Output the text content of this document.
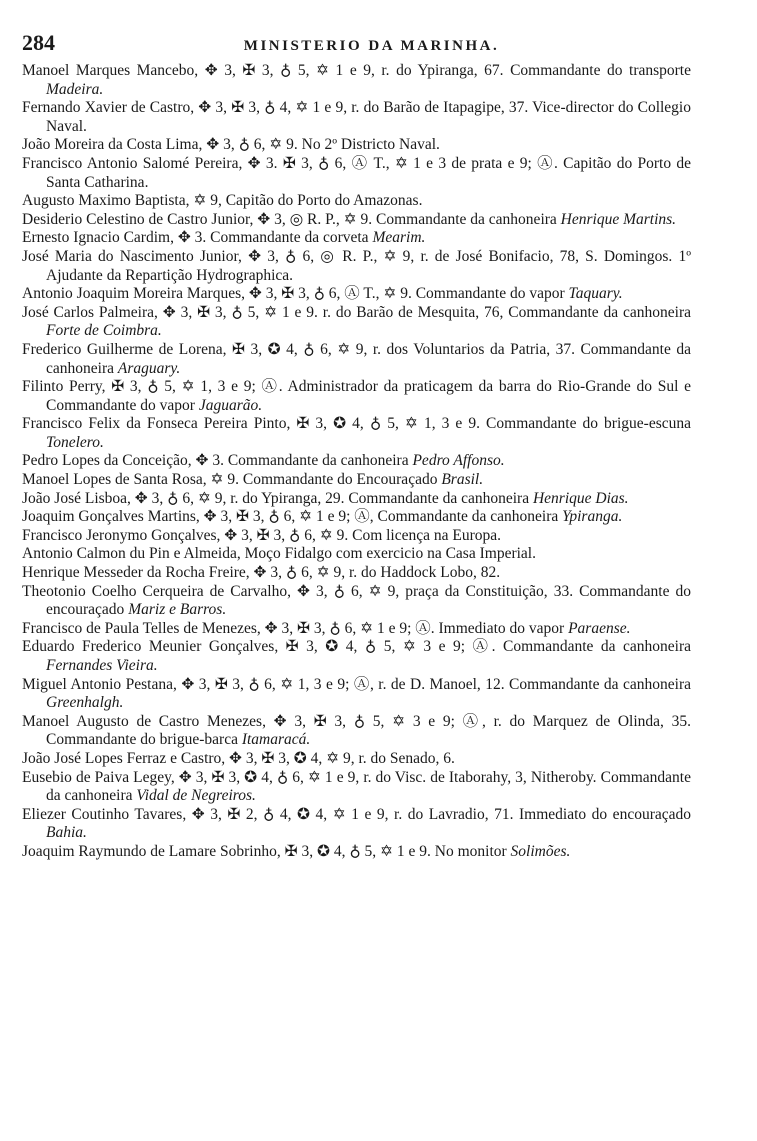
284	MINISTERIO DA MARINHA.

Manoel Marques Mancebo, ✥ 3, ✠ 3, ♁ 5, ✡ 1 e 9, r. do Ypiranga, 67. Commandante do transporte Madeira.

Fernando Xavier de Castro, ✥ 3, ✠ 3, ♁ 4, ✡ 1 e 9, r. do Barão de Itapagipe, 37. Vice-director do Collegio Naval.

João Moreira da Costa Lima, ✥ 3, ♁ 6, ✡ 9. No 2º Districto Naval.

Francisco Antonio Salomé Pereira, ✥ 3. ✠ 3, ♁ 6, Ⓐ T., ✡ 1 e 3 de prata e 9; Ⓐ. Capitão do Porto de Santa Catharina.

Augusto Maximo Baptista, ✡ 9, Capitão do Porto do Amazonas.

Desiderio Celestino de Castro Junior, ✥ 3, ◎ R. P., ✡ 9. Commandante da canhoneira Henrique Martins.

Ernesto Ignacio Cardim, ✥ 3. Commandante da corveta Mearim.

José Maria do Nascimento Junior, ✥ 3, ♁ 6, ◎ R. P., ✡ 9, r. de José Bonifacio, 78, S. Domingos. 1º Ajudante da Repartição Hydrographica.

Antonio Joaquim Moreira Marques, ✥ 3, ✠ 3, ♁ 6, Ⓐ T., ✡ 9. Commandante do vapor Taquary.

José Carlos Palmeira, ✥ 3, ✠ 3, ♁ 5, ✡ 1 e 9. r. do Barão de Mesquita, 76, Commandante da canhoneira Forte de Coimbra.

Frederico Guilherme de Lorena, ✠ 3, ✪ 4, ♁ 6, ✡ 9, r. dos Voluntarios da Patria, 37. Commandante da canhoneira Araguary.

Filinto Perry, ✠ 3, ♁ 5, ✡ 1, 3 e 9; Ⓐ. Administrador da praticagem da barra do Rio-Grande do Sul e Commandante do vapor Jaguarão.

Francisco Felix da Fonseca Pereira Pinto, ✠ 3, ✪ 4, ♁ 5, ✡ 1, 3 e 9. Commandante do brigue-escuna Tonelero.

Pedro Lopes da Conceição, ✥ 3. Commandante da canhoneira Pedro Affonso.

Manoel Lopes de Santa Rosa, ✡ 9. Commandante do Encouraçado Brasil.

João José Lisboa, ✥ 3, ♁ 6, ✡ 9, r. do Ypiranga, 29. Commandante da canhoneira Henrique Dias.

Joaquim Gonçalves Martins, ✥ 3, ✠ 3, ♁ 6, ✡ 1 e 9; Ⓐ, Commandante da canhoneira Ypiranga.

Francisco Jeronymo Gonçalves, ✥ 3, ✠ 3, ♁ 6, ✡ 9. Com licença na Europa.

Antonio Calmon du Pin e Almeida, Moço Fidalgo com exercicio na Casa Imperial.

Henrique Messeder da Rocha Freire, ✥ 3, ♁ 6, ✡ 9, r. do Haddock Lobo, 82.

Theotonio Coelho Cerqueira de Carvalho, ✥ 3, ♁ 6, ✡ 9, praça da Constituição, 33. Commandante do encouraçado Mariz e Barros.

Francisco de Paula Telles de Menezes, ✥ 3, ✠ 3, ♁ 6, ✡ 1 e 9; Ⓐ. Immediato do vapor Paraense.

Eduardo Frederico Meunier Gonçalves, ✠ 3, ✪ 4, ♁ 5, ✡ 3 e 9; Ⓐ. Commandante da canhoneira Fernandes Vieira.

Miguel Antonio Pestana, ✥ 3, ✠ 3, ♁ 6, ✡ 1, 3 e 9; Ⓐ, r. de D. Manoel, 12. Commandante da canhoneira Greenhalgh.

Manoel Augusto de Castro Menezes, ✥ 3, ✠ 3, ♁ 5, ✡ 3 e 9; Ⓐ, r. do Marquez de Olinda, 35. Commandante do brigue-barca Itamaracá.

João José Lopes Ferraz e Castro, ✥ 3, ✠ 3, ✪ 4, ✡ 9, r. do Senado, 6.

Eusebio de Paiva Legey, ✥ 3, ✠ 3, ✪ 4, ♁ 6, ✡ 1 e 9, r. do Visc. de Itaborahy, 3, Nitheroby. Commandante da canhoneira Vidal de Negreiros.

Eliezer Coutinho Tavares, ✥ 3, ✠ 2, ♁ 4, ✪ 4, ✡ 1 e 9, r. do Lavradio, 71. Immediato do encouraçado Bahia.

Joaquim Raymundo de Lamare Sobrinho, ✠ 3, ✪ 4, ♁ 5, ✡ 1 e 9. No monitor Solimões.
